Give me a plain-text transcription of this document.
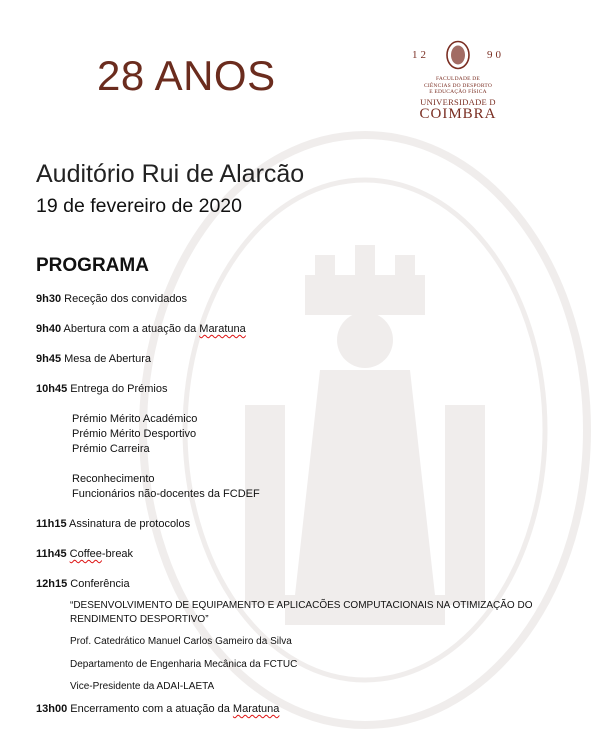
28 ANOS	12	90
FACULDADE DE
CIÊNCIAS DO DESPORTO
E EDUCAÇÃO FÍSICA
UNIVERSIDADE D
COIMBRA
Auditório Rui de Alarcão
19 de fevereiro de 2020
PROGRAMA
9h30 Receção dos convidados
9h40 Abertura com a atuação da Maratuna
9h45 Mesa de Abertura
10h45 Entrega do Prémios
Prémio Mérito Académico
Prémio Mérito Desportivo
Prémio Carreira
Reconhecimento
Funcionários não-docentes da FCDEF
11h15 Assinatura de protocolos
11h45 Coffee-break
12h15 Conferência
“DESENVOLVIMENTO DE EQUIPAMENTO E APLICACÕES COMPUTACIONAIS NA OTIMIZAÇÃO DO
RENDIMENTO DESPORTIVO”
Prof. Catedrático Manuel Carlos Gameiro da Silva
Departamento de Engenharia Mecânica da FCTUC
Vice-Presidente da ADAI-LAETA
13h00 Encerramento com a atuação da Maratuna
